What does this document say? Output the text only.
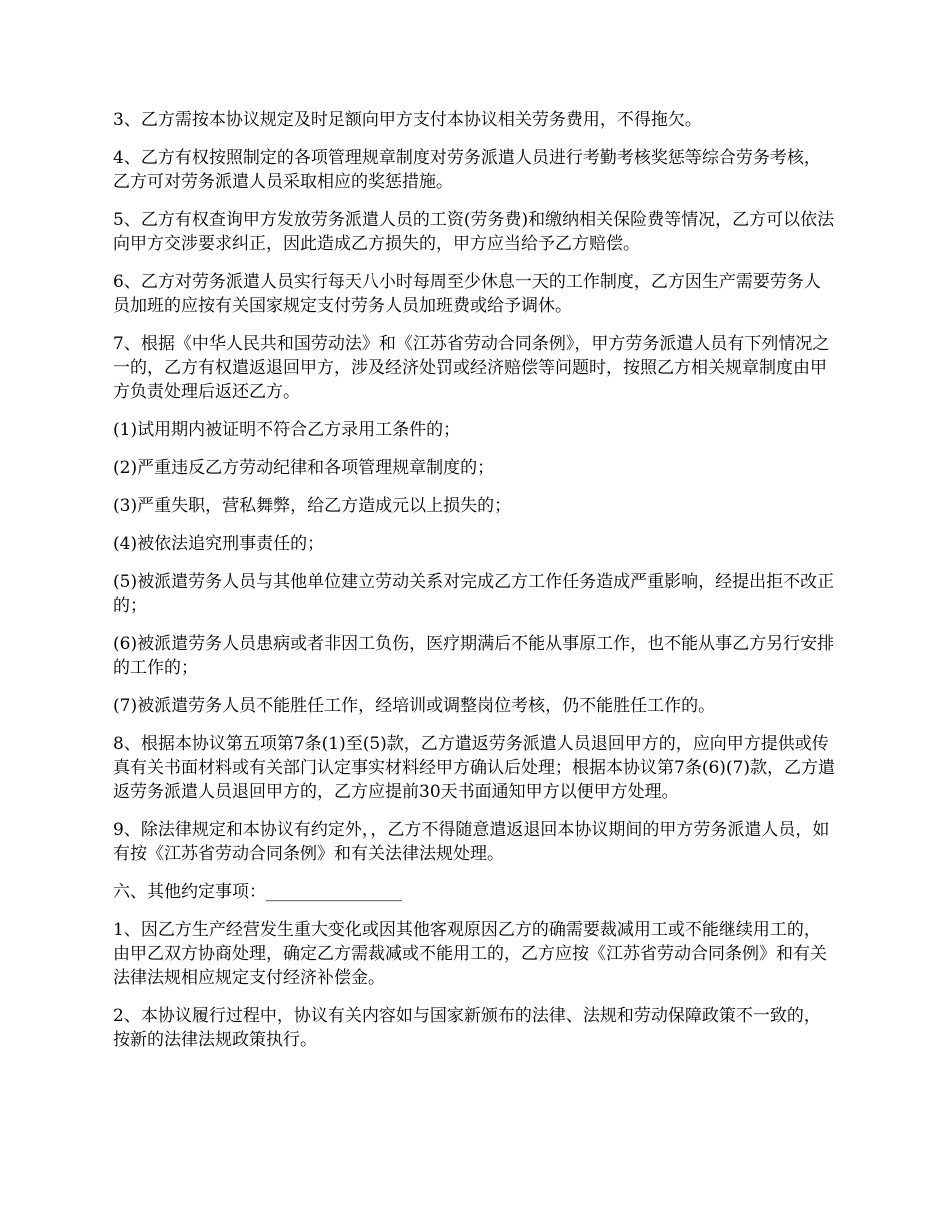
3、乙方需按本协议规定及时足额向甲方支付本协议相关劳务费用，不得拖欠。

4、乙方有权按照制定的各项管理规章制度对劳务派遣人员进行考勤考核奖惩等综合劳务考核，乙方可对劳务派遣人员采取相应的奖惩措施。

5、乙方有权查询甲方发放劳务派遣人员的工资(劳务费)和缴纳相关保险费等情况，乙方可以依法向甲方交涉要求纠正，因此造成乙方损失的，甲方应当给予乙方赔偿。

6、乙方对劳务派遣人员实行每天八小时每周至少休息一天的工作制度，乙方因生产需要劳务人员加班的应按有关国家规定支付劳务人员加班费或给予调休。

7、根据《中华人民共和国劳动法》和《江苏省劳动合同条例》，甲方劳务派遣人员有下列情况之一的，乙方有权遣返退回甲方，涉及经济处罚或经济赔偿等问题时，按照乙方相关规章制度由甲方负责处理后返还乙方。

(1)试用期内被证明不符合乙方录用工条件的；

(2)严重违反乙方劳动纪律和各项管理规章制度的；

(3)严重失职，营私舞弊，给乙方造成元以上损失的；

(4)被依法追究刑事责任的；

(5)被派遣劳务人员与其他单位建立劳动关系对完成乙方工作任务造成严重影响，经提出拒不改正的；

(6)被派遣劳务人员患病或者非因工负伤，医疗期满后不能从事原工作，也不能从事乙方另行安排的工作的；

(7)被派遣劳务人员不能胜任工作，经培训或调整岗位考核，仍不能胜任工作的。

8、根据本协议第五项第7条(1)至(5)款，乙方遣返劳务派遣人员退回甲方的，应向甲方提供或传真有关书面材料或有关部门认定事实材料经甲方确认后处理；根据本协议第7条(6)(7)款，乙方遣返劳务派遣人员退回甲方的，乙方应提前30天书面通知甲方以便甲方处理。

9、除法律规定和本协议有约定外，，乙方不得随意遣返退回本协议期间的甲方劳务派遣人员，如有按《江苏省劳动合同条例》和有关法律法规处理。

六、其他约定事项：________________

1、因乙方生产经营发生重大变化或因其他客观原因乙方的确需要裁减用工或不能继续用工的，由甲乙双方协商处理，确定乙方需裁减或不能用工的，乙方应按《江苏省劳动合同条例》和有关法律法规相应规定支付经济补偿金。

2、本协议履行过程中，协议有关内容如与国家新颁布的法律、法规和劳动保障政策不一致的，按新的法律法规政策执行。
